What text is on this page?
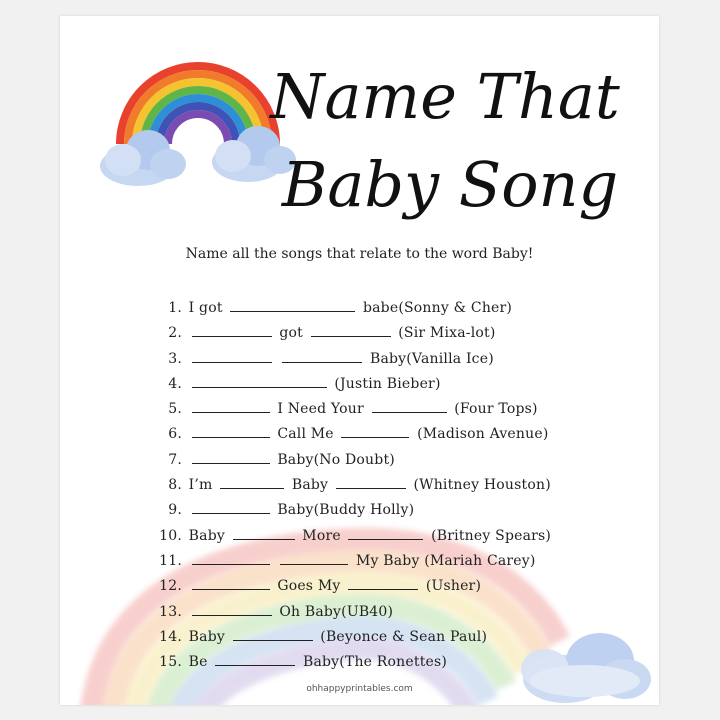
Name That
Baby Song
Name all the songs that relate to the word Baby!
1. I got	babe(Sonny & Cher)
2.	got	(Sir Mixa-lot)
3.	Baby(Vanilla Ice)
4.	(Justin Bieber)
5.	I Need Your	(Four Tops)
6.	Call Me	(Madison Avenue)
7.	Baby(No Doubt)
8. I’m	Baby	(Whitney Houston)
9.	Baby(Buddy Holly)
10. Baby	More	(Britney Spears)
11.	My Baby (Mariah Carey)
12.	Goes My	(Usher)
13.	Oh Baby(UB40)
14. Baby	(Beyonce & Sean Paul)
15. Be	Baby(The Ronettes)
ohhappyprintables.com
